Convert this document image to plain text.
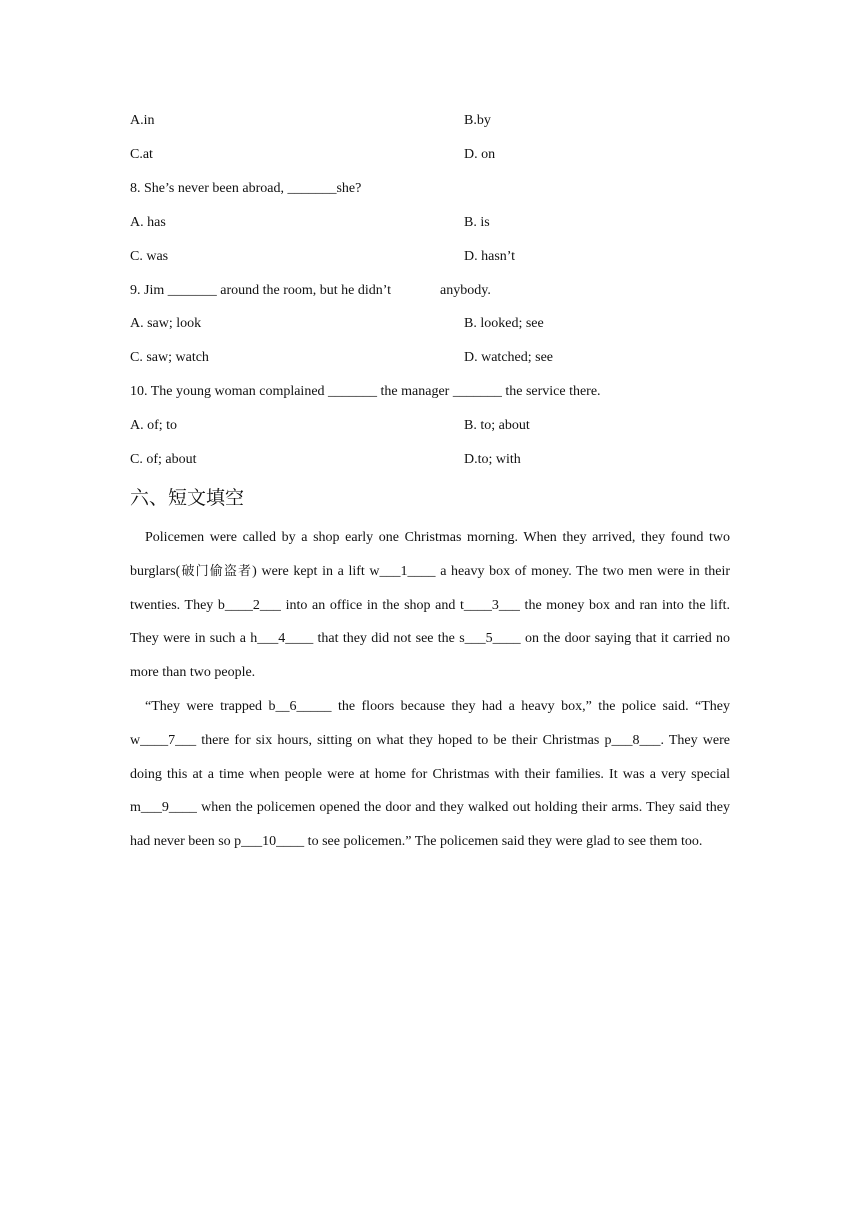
A.in	B.by
C.at	D. on
8. She’s never been abroad, _______she?
A. has	B. is
C. was	D. hasn’t
9. Jim _______ around the room, but he didn’t              anybody.
A. saw; look	B. looked; see
C. saw; watch	D. watched; see
10. The young woman complained _______ the manager _______ the service there.
A. of; to	B. to; about
C. of; about	D.to; with
六、短文填空

Policemen were called by a shop early one Christmas morning. When they arrived, they found two burglars(破门偷盗者) were kept in a lift w___1____ a heavy box of money. The two men were in their twenties. They b____2___ into an office in the shop and t____3___ the money box and ran into the lift. They were in such a h___4____ that they did not see the s___5____ on the door saying that it carried no more than two people.

“They were trapped b__6_____ the floors because they had a heavy box,” the police said. “They w____7___ there for six hours, sitting on what they hoped to be their Christmas p___8___. They were doing this at a time when people were at home for Christmas with their families. It was a very special m___9____ when the policemen opened the door and they walked out holding their arms. They said they had never been so p___10____ to see policemen.” The policemen said they were glad to see them too.
